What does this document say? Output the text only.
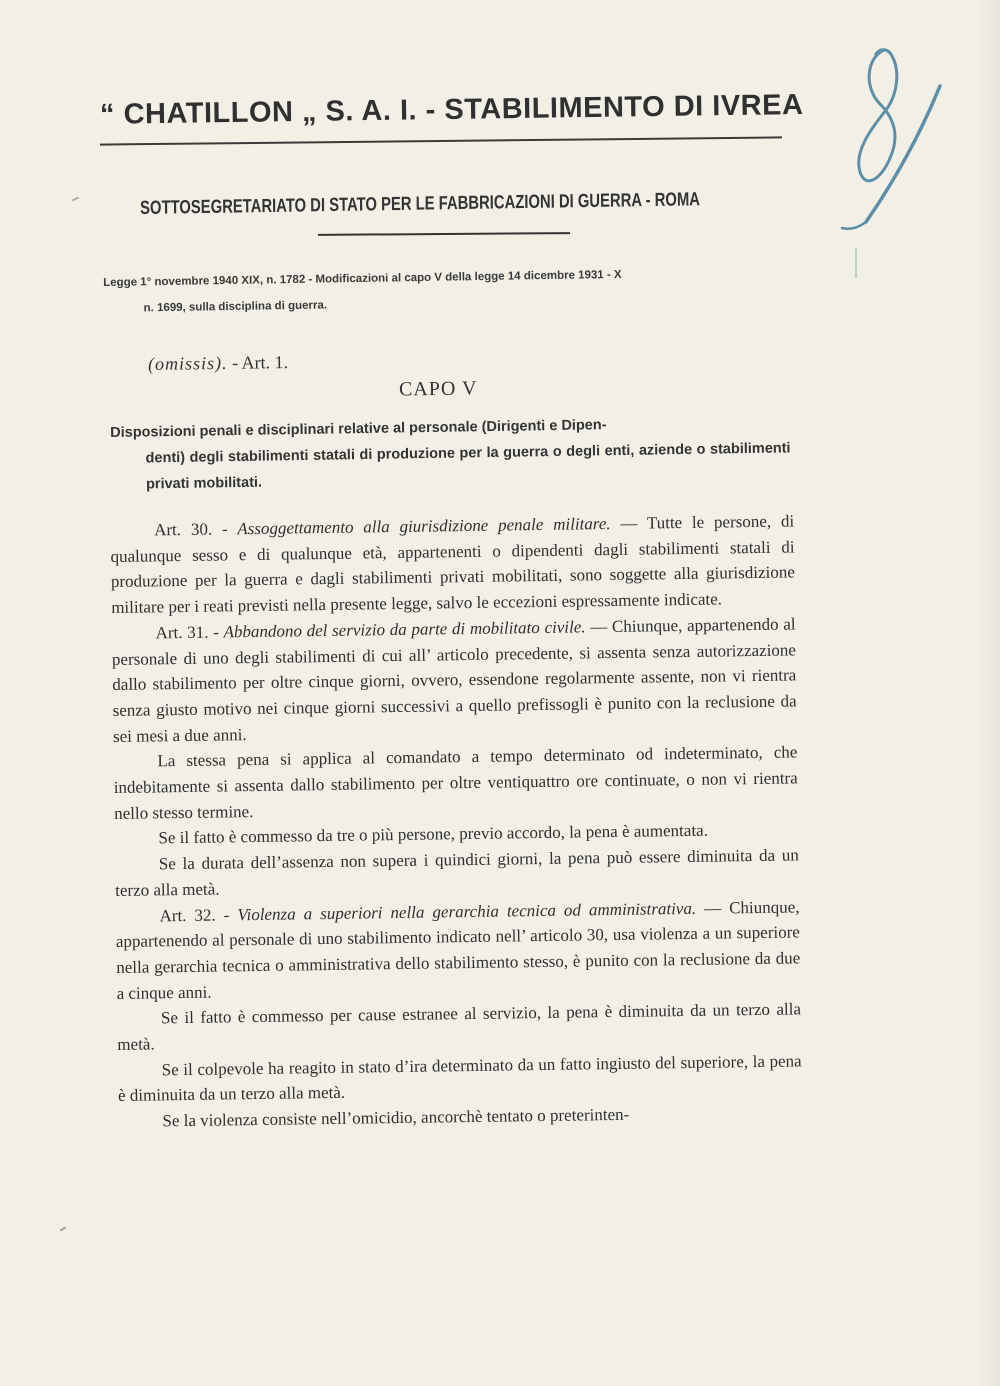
“ CHATILLON „ S. A. I. - STABILIMENTO DI IVREA
SOTTOSEGRETARIATO DI STATO PER LE FABBRICAZIONI DI GUERRA - ROMA
Legge 1° novembre 1940 XIX, n. 1782 - Modificazioni al capo V della legge 14 dicembre 1931 - X
n. 1699, sulla disciplina di guerra.
(omissis). - Art. 1.
CAPO V
Disposizioni penali e disciplinari relative al personale (Dirigenti e Dipen-
denti) degli stabilimenti statali di produzione per la guerra o degli enti, aziende o stabilimenti privati mobilitati.

Art. 30. - Assoggettamento alla giurisdizione penale militare. — Tutte le persone, di qualunque sesso e di qualunque età, appartenenti o dipendenti dagli stabilimenti statali di produzione per la guerra e dagli stabilimenti privati mobilitati, sono soggette alla giurisdizione militare per i reati previsti nella presente legge, salvo le eccezioni espressamente indicate.

Art. 31. - Abbandono del servizio da parte di mobilitato civile. — Chiunque, appartenendo al personale di uno degli stabilimenti di cui all’ articolo precedente, si assenta senza autorizzazione dallo stabilimento per oltre cinque giorni, ovvero, essendone regolarmente assente, non vi rientra senza giusto motivo nei cinque giorni successivi a quello prefissogli è punito con la reclusione da sei mesi a due anni.

La stessa pena si applica al comandato a tempo determinato od indeterminato, che indebitamente si assenta dallo stabilimento per oltre ventiquattro ore continuate, o non vi rientra nello stesso termine.

Se il fatto è commesso da tre o più persone, previo accordo, la pena è aumentata.

Se la durata dell’assenza non supera i quindici giorni, la pena può essere diminuita da un terzo alla metà.

Art. 32. - Violenza a superiori nella gerarchia tecnica od amministrativa. — Chiunque, appartenendo al personale di uno stabilimento indicato nell’ articolo 30, usa violenza a un superiore nella gerarchia tecnica o amministrativa dello stabilimento stesso, è punito con la reclusione da due a cinque anni.

Se il fatto è commesso per cause estranee al servizio, la pena è diminuita da un terzo alla metà.

Se il colpevole ha reagito in stato d’ira determinato da un fatto ingiusto del superiore, la pena è diminuita da un terzo alla metà.

Se la violenza consiste nell’omicidio, ancorchè tentato o preterinten-
